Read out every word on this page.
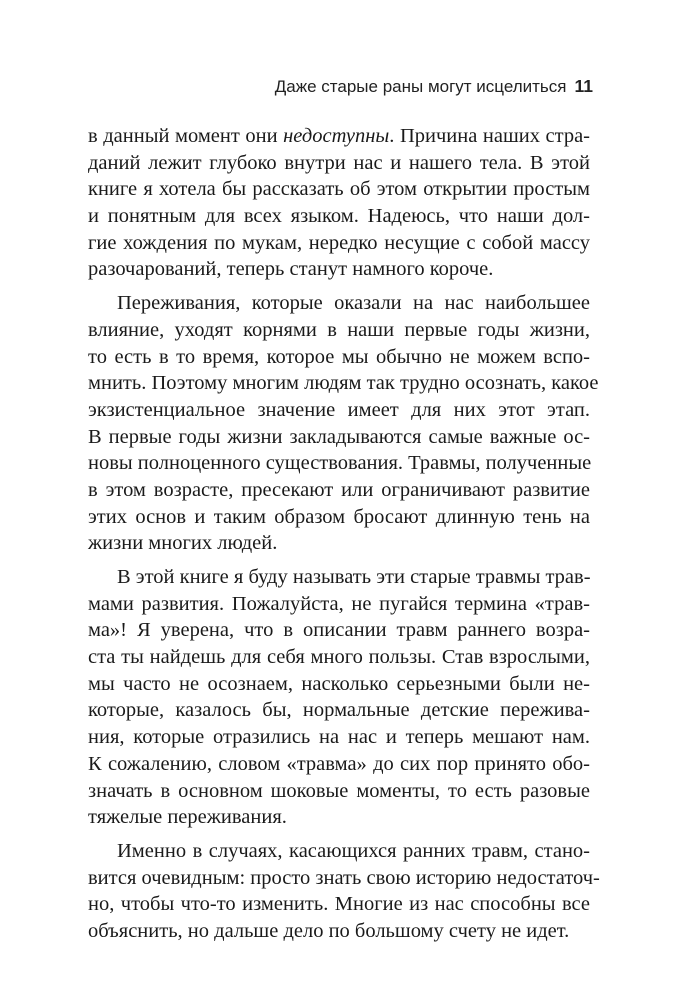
Даже старые раны могут исцелиться 11
в данный момент они недоступны. Причина наших стра-
даний лежит глубоко внутри нас и нашего тела. В этой
книге я хотела бы рассказать об этом открытии простым
и понятным для всех языком. Надеюсь, что наши дол-
гие хождения по мукам, нередко несущие с собой массу
разочарований, теперь станут намного короче.
Переживания, которые оказали на нас наибольшее
влияние, уходят корнями в наши первые годы жизни,
то есть в то время, которое мы обычно не можем вспо-
мнить. Поэтому многим людям так трудно осознать, какое
экзистенциальное значение имеет для них этот этап.
В первые годы жизни закладываются самые важные ос-
новы полноценного существования. Травмы, полученные
в этом возрасте, пресекают или ограничивают развитие
этих основ и таким образом бросают длинную тень на
жизни многих людей.
В этой книге я буду называть эти старые травмы трав-
мами развития. Пожалуйста, не пугайся термина «трав-
ма»! Я уверена, что в описании травм раннего возра-
ста ты найдешь для себя много пользы. Став взрослыми,
мы часто не осознаем, насколько серьезными были не-
которые, казалось бы, нормальные детские пережива-
ния, которые отразились на нас и теперь мешают нам.
К сожалению, словом «травма» до сих пор принято обо-
значать в основном шоковые моменты, то есть разовые
тяжелые переживания.
Именно в случаях, касающихся ранних травм, стано-
вится очевидным: просто знать свою историю недостаточ-
но, чтобы что-то изменить. Многие из нас способны все
объяснить, но дальше дело по большому счету не идет.
